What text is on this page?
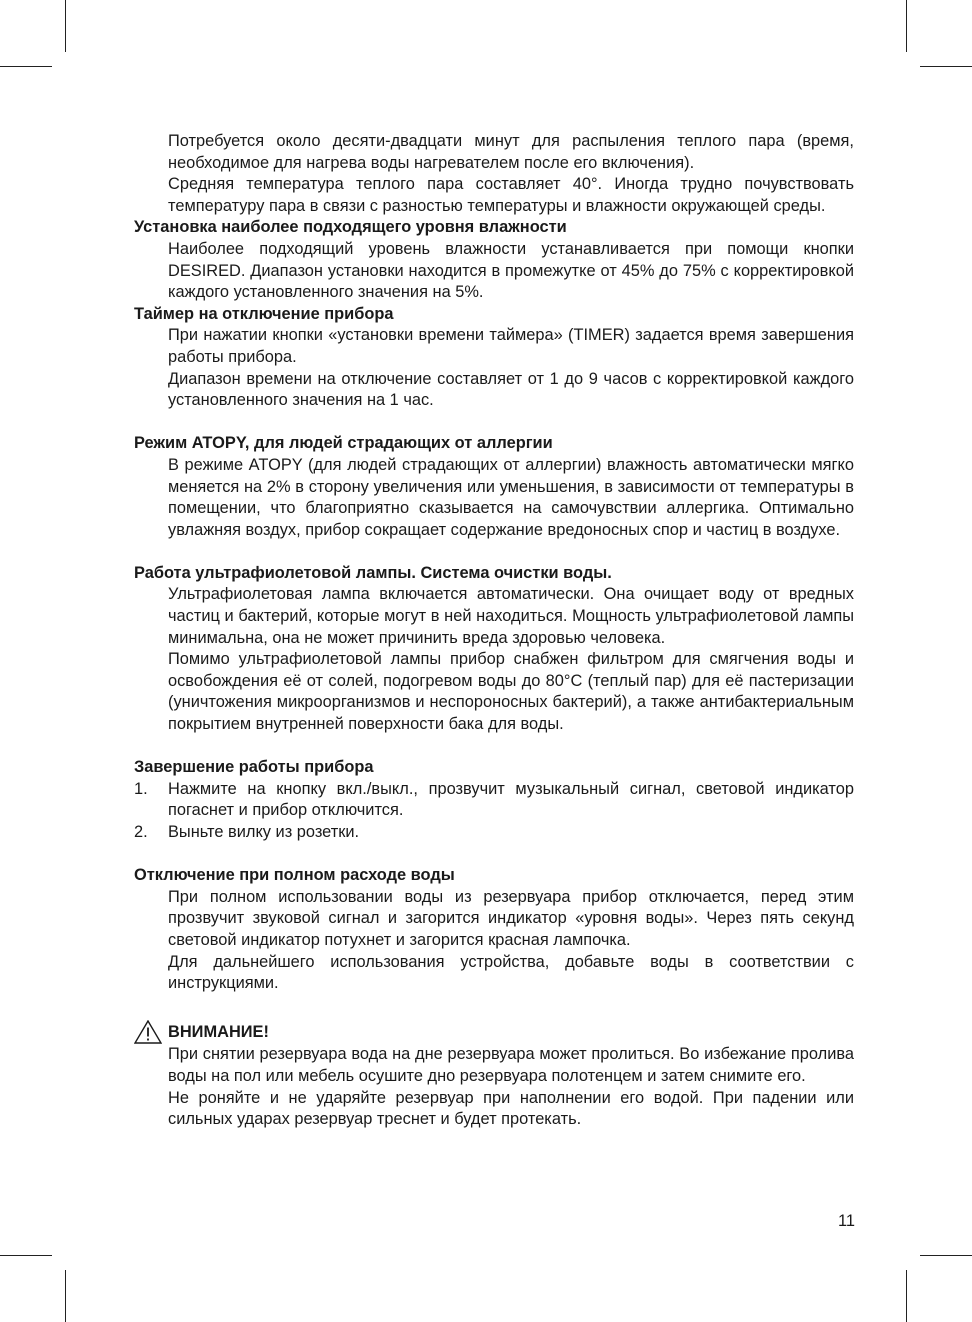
Потребуется около десяти-двадцати минут для распыления теплого пара (время, необходимое для нагрева воды нагревателем после его включения).

Средняя температура теплого пара составляет 40°. Иногда трудно почувствовать температуру пара в связи с разностью температуры и влажности окружающей среды.

Установка наиболее подходящего уровня влажности

Наиболее подходящий уровень влажности устанавливается при помощи кнопки DESIRED. Диапазон установки находится в промежутке от 45% до 75% с корректировкой каждого установленного значения на 5%.

Таймер на отключение прибора

При нажатии кнопки «установки времени таймера» (TIMER) задается время завершения работы прибора.

Диапазон времени на отключение составляет от 1 до 9 часов с корректировкой каждого установленного значения на 1 час.

Режим ATOPY, для людей страдающих от аллергии

В режиме ATOPY (для людей страдающих от аллергии) влажность автоматически мягко меняется на 2% в сторону увеличения или уменьшения, в зависимости от температуры в помещении, что благоприятно сказывается на самочувствии аллергика. Оптимально увлажняя воздух, прибор сокращает содержание вредоносных спор и частиц в воздухе.

Работа ультрафиолетовой лампы. Система очистки воды.

Ультрафиолетовая лампа включается автоматически. Она очищает воду от вредных частиц и бактерий, которые могут в ней находиться. Мощность ультрафиолетовой лампы минимальна, она не может причинить вреда здоровью человека.

Помимо ультрафиолетовой лампы прибор снабжен фильтром для смягчения воды и освобождения её от солей, подогревом воды до 80°C (теплый пар) для её пастеризации (уничтожения микроорганизмов и неспороносных бактерий), а также антибактериальным покрытием внутренней поверхности бака для воды.

Завершение работы прибора

1.	Нажмите на кнопку вкл./выкл., прозвучит музыкальный сигнал, световой индикатор погаснет и прибор отключится.
2.	Выньте вилку из розетки.

Отключение при полном расходе воды

При полном использовании воды из резервуара прибор отключается, перед этим прозвучит звуковой сигнал и загорится индикатор «уровня воды». Через пять секунд световой индикатор потухнет и загорится красная лампочка.

Для дальнейшего использования устройства, добавьте воды в соответствии с инструкциями.

ВНИМАНИЕ!

При снятии резервуара вода на дне резервуара может пролиться. Во избежание пролива воды на пол или мебель осушите дно резервуара полотенцем и затем снимите его.

Не роняйте и не ударяйте резервуар при наполнении его водой. При падении или сильных ударах резервуар треснет и будет протекать.

11
